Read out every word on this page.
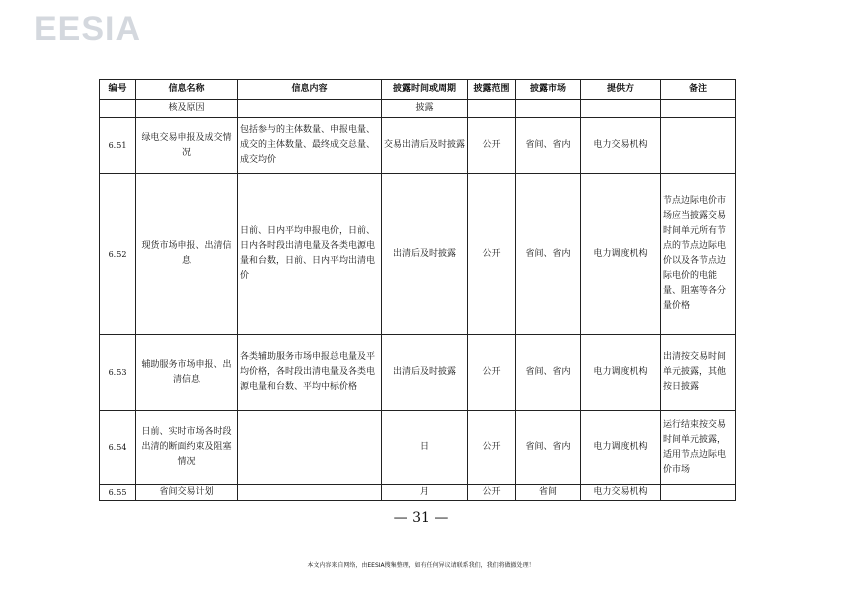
EESIA
编号	信息名称	信息内容	披露时间或周期	披露范围	披露市场	提供方	备注
	核及原因		披露				
6.51	绿电交易申报及成交情况	包括参与的主体数量、申报电量、成交的主体数量、最终成交总量、成交均价	交易出清后及时披露	公开	省间、省内	电力交易机构	
6.52	现货市场申报、出清信息	日前、日内平均申报电价，日前、日内各时段出清电量及各类电源电量和台数，日前、日内平均出清电价	出清后及时披露	公开	省间、省内	电力调度机构	节点边际电价市场应当披露交易时间单元所有节点的节点边际电价以及各节点边际电价的电能量、阻塞等各分量价格
6.53	辅助服务市场申报、出清信息	各类辅助服务市场申报总电量及平均价格，各时段出清电量及各类电源电量和台数、平均中标价格	出清后及时披露	公开	省间、省内	电力调度机构	出清按交易时间单元披露，其他按日披露
6.54	日前、实时市场各时段出清的断面约束及阻塞情况		日	公开	省间、省内	电力调度机构	运行结束按交易时间单元披露，适用节点边际电价市场
6.55	省间交易计划		月	公开	省间	电力交易机构	
— 31 —
本文内容来自网络，由EESIA搜集整理，如有任何异议请联系我们，我们将做撤处理！
